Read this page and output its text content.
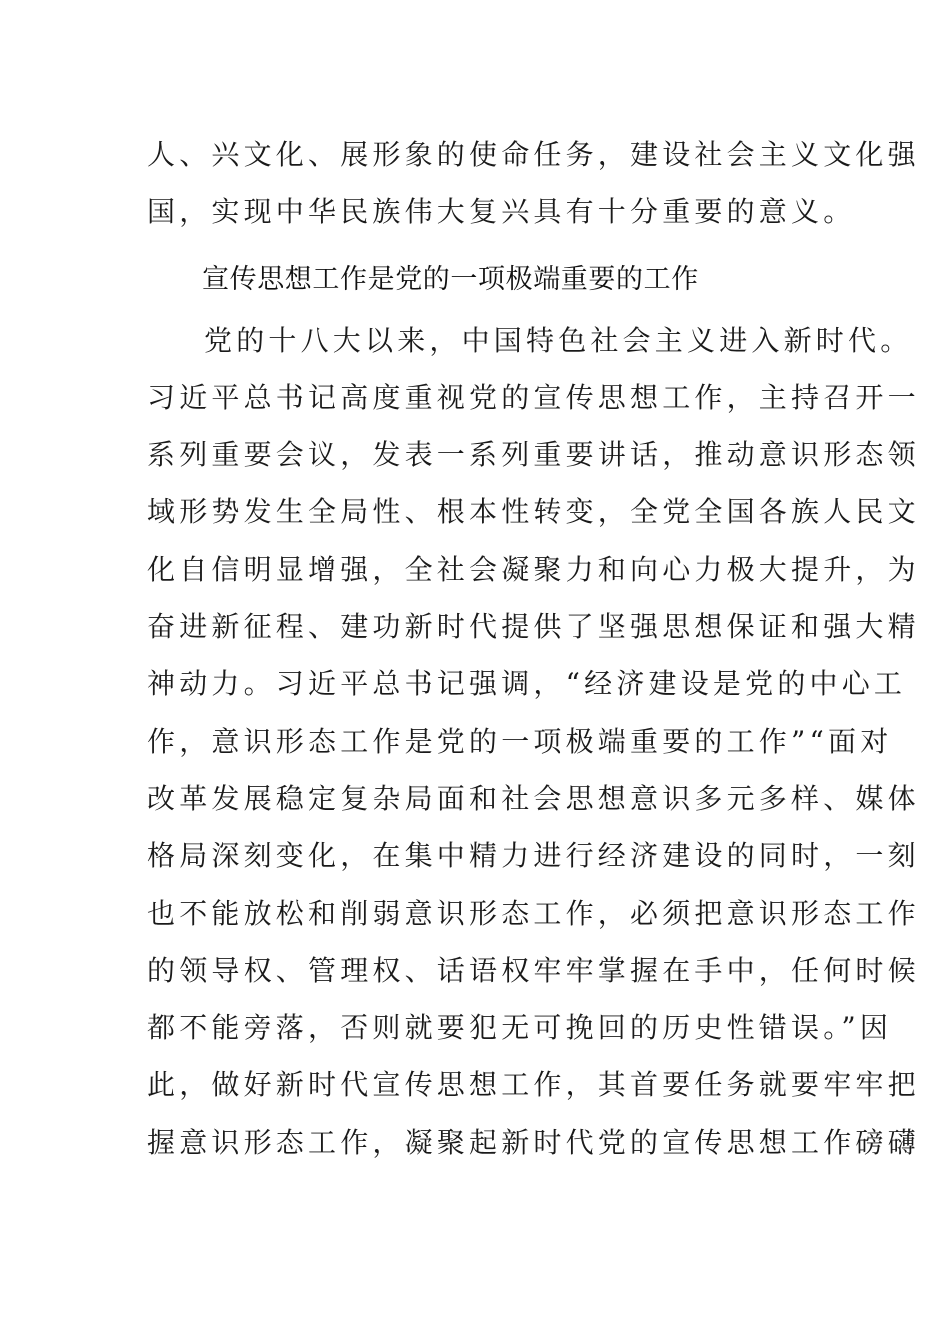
人、兴文化、展形象的使命任务，建设社会主义文化强
国，实现中华民族伟大复兴具有十分重要的意义。
宣传思想工作是党的一项极端重要的工作
党的十八大以来，中国特色社会主义进入新时代。
习近平总书记高度重视党的宣传思想工作，主持召开一
系列重要会议，发表一系列重要讲话，推动意识形态领
域形势发生全局性、根本性转变，全党全国各族人民文
化自信明显增强，全社会凝聚力和向心力极大提升，为
奋进新征程、建功新时代提供了坚强思想保证和强大精
神动力。习近平总书记强调，“经济建设是党的中心工
作，意识形态工作是党的一项极端重要的工作”“面对
改革发展稳定复杂局面和社会思想意识多元多样、媒体
格局深刻变化，在集中精力进行经济建设的同时，一刻
也不能放松和削弱意识形态工作，必须把意识形态工作
的领导权、管理权、话语权牢牢掌握在手中，任何时候
都不能旁落，否则就要犯无可挽回的历史性错误。”因
此，做好新时代宣传思想工作，其首要任务就要牢牢把
握意识形态工作，凝聚起新时代党的宣传思想工作磅礴
